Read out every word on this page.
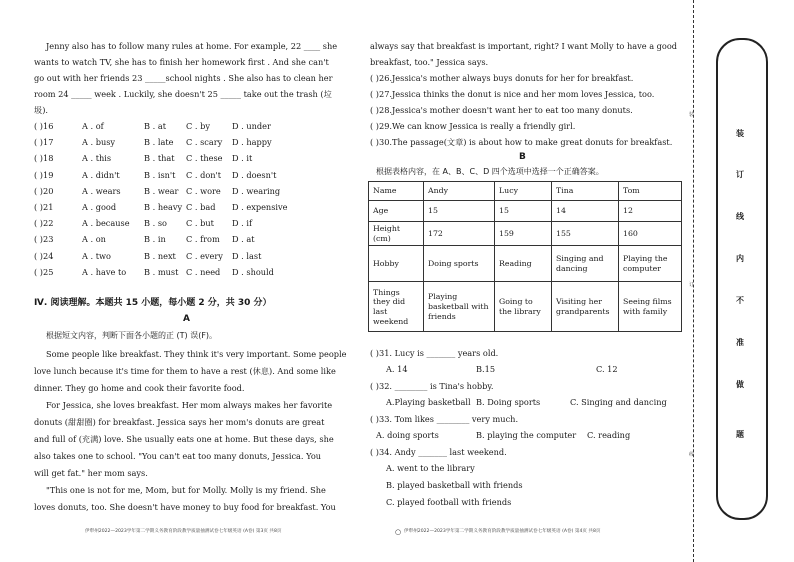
Jenny also has to follow many rules at home. For example, 22 ____ she
wants to watch TV, she has to finish her homework first . And she can't
go out with her friends 23 _____school nights . She also has to clean her
room 24 _____ week . Luckily, she doesn't 25 _____ take out the trash (垃
圾).
( )16	A . of	B . at C . by	D . under
( )17	A . busy	B . late C . scary D . happy
( )18	A . this	B . that C . these D . it
( )19	A . didn't	B . isn't C . don't D . doesn't
( )20	A . wears	B . wear C . wore D . wearing
( )21	A . good	B . heavy C . bad D . expensive
( )22	A . because B . so C . but D . if
( )23	A . on	B . in C . from D . at
( )24	A . two	B . next C . every D . last
( )25	A . have to B . must C . need D . should
Ⅳ. 阅读理解。本题共 15 小题，每小题 2 分，共 30 分）
A
根据短文内容，判断下面各小题的正 (T) 误(F)。
Some people like breakfast. They think it's very important. Some people
love lunch because it's time for them to have a rest (休息). And some like
dinner. They go home and cook their favorite food.
For Jessica, she loves breakfast. Her mom always makes her favorite
donuts (甜甜圈) for breakfast. Jessica says her mom's donuts are great
and full of (充满) love. She usually eats one at home. But these days, she
also takes one to school. "You can't eat too many donuts, Jessica. You
will get fat." her mom says.
"This one is not for me, Mom, but for Molly. Molly is my friend. She
loves donuts, too. She doesn't have money to buy food for breakfast. You
伊犁州2022—2023学年第二学期义务教育阶段教学质量抽测试卷七年级英语 (A卷) 第3页 共8页	○
always say that breakfast is important, right? I want Molly to have a good
breakfast, too." Jessica says.
( )26.Jessica's mother always buys donuts for her for breakfast.
( )27.Jessica thinks the donut is nice and her mom loves Jessica, too.
( )28.Jessica's mother doesn't want her to eat too many donuts.
( )29.We can know Jessica is really a friendly girl.
( )30.The passage(文章) is about how to make great donuts for breakfast.
B
根据表格内容，在 A、B、C、D 四个选项中选择一个正确答案。
Name	Andy	Lucy	Tina	Tom
Age	15	15	14	12
Height (cm)	172	159	155	160
Hobby	Doing sports	Reading	Singing and dancing	Playing the computer
Things they did last weekend	Playing basketball with friends	Going to the library	Visiting her grandparents	Seeing films with family
( )31. Lucy is _______ years old.
A. 14	B.15	C. 12
( )32. ________ is Tina's hobby.
A.Playing basketball B. Doing sports	C. Singing and dancing
( )33. Tom likes ________ very much.
A. doing sports	B. playing the computer C. reading
( )34. Andy _______ last weekend.
A. went to the library
B. played basketball with friends
C. played football with friends
伊犁州2022—2023学年第二学期义务教育阶段教学质量抽测试卷七年级英语 (A卷) 第4页 共8页
装
订
线
装
订
线
内
不
准
做
题
